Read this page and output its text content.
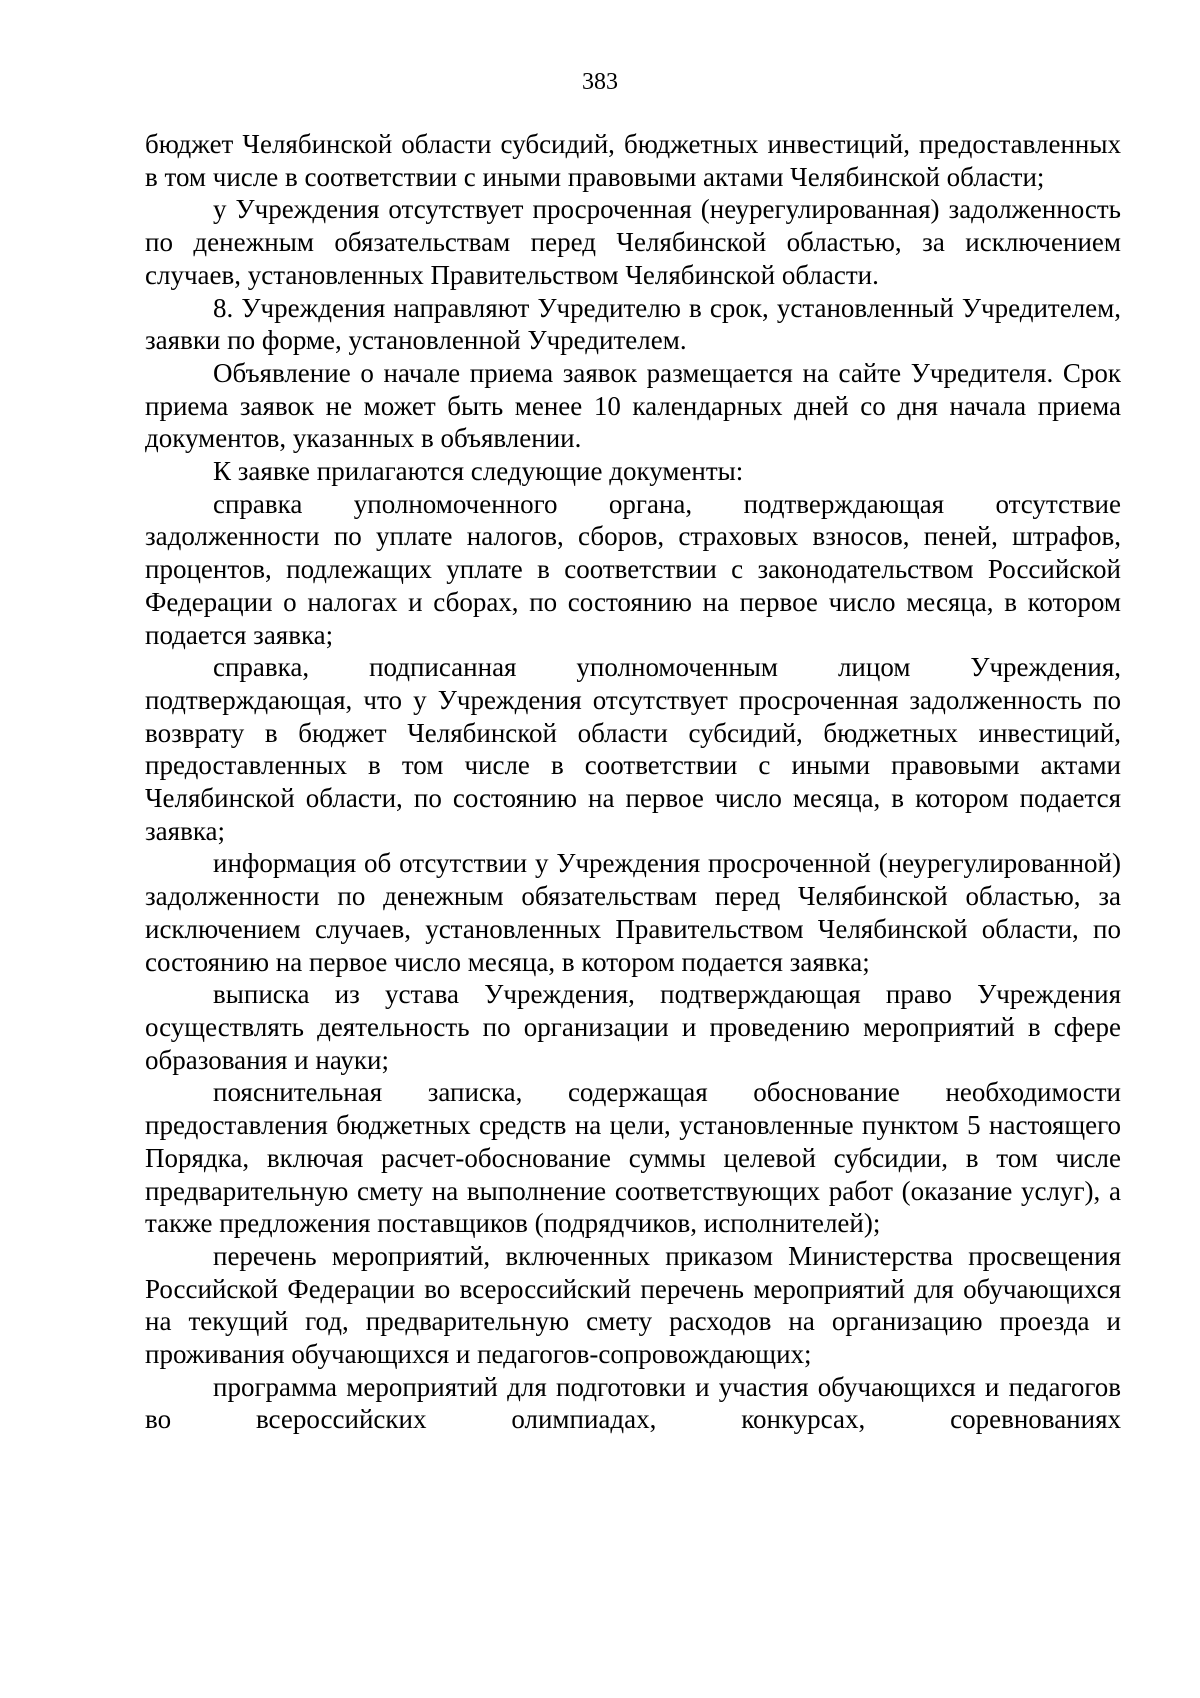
383

бюджет Челябинской области субсидий, бюджетных инвестиций, предоставленных в том числе в соответствии с иными правовыми актами Челябинской области;

у Учреждения отсутствует просроченная (неурегулированная) задолженность по денежным обязательствам перед Челябинской областью, за исключением случаев, установленных Правительством Челябинской области.

8. Учреждения направляют Учредителю в срок, установленный Учредителем, заявки по форме, установленной Учредителем.

Объявление о начале приема заявок размещается на сайте Учредителя. Срок приема заявок не может быть менее 10 календарных дней со дня начала приема документов, указанных в объявлении.

К заявке прилагаются следующие документы:

справка уполномоченного органа, подтверждающая отсутствие задолженности по уплате налогов, сборов, страховых взносов, пеней, штрафов, процентов, подлежащих уплате в соответствии с законодательством Российской Федерации о налогах и сборах, по состоянию на первое число месяца, в котором подается заявка;

справка, подписанная уполномоченным лицом Учреждения, подтверждающая, что у Учреждения отсутствует просроченная задолженность по возврату в бюджет Челябинской области субсидий, бюджетных инвестиций, предоставленных в том числе в соответствии с иными правовыми актами Челябинской области, по состоянию на первое число месяца, в котором подается заявка;

информация об отсутствии у Учреждения просроченной (неурегулированной) задолженности по денежным обязательствам перед Челябинской областью, за исключением случаев, установленных Правительством Челябинской области, по состоянию на первое число месяца, в котором подается заявка;

выписка из устава Учреждения, подтверждающая право Учреждения осуществлять деятельность по организации и проведению мероприятий в сфере образования и науки;

пояснительная записка, содержащая обоснование необходимости предоставления бюджетных средств на цели, установленные пунктом 5 настоящего Порядка, включая расчет-обоснование суммы целевой субсидии, в том числе предварительную смету на выполнение соответствующих работ (оказание услуг), а также предложения поставщиков (подрядчиков, исполнителей);

перечень мероприятий, включенных приказом Министерства просвещения Российской Федерации во всероссийский перечень мероприятий для обучающихся на текущий год, предварительную смету расходов на организацию проезда и проживания обучающихся и педагогов-сопровождающих;

программа мероприятий для подготовки и участия обучающихся и педагогов во всероссийских олимпиадах, конкурсах, соревнованиях
